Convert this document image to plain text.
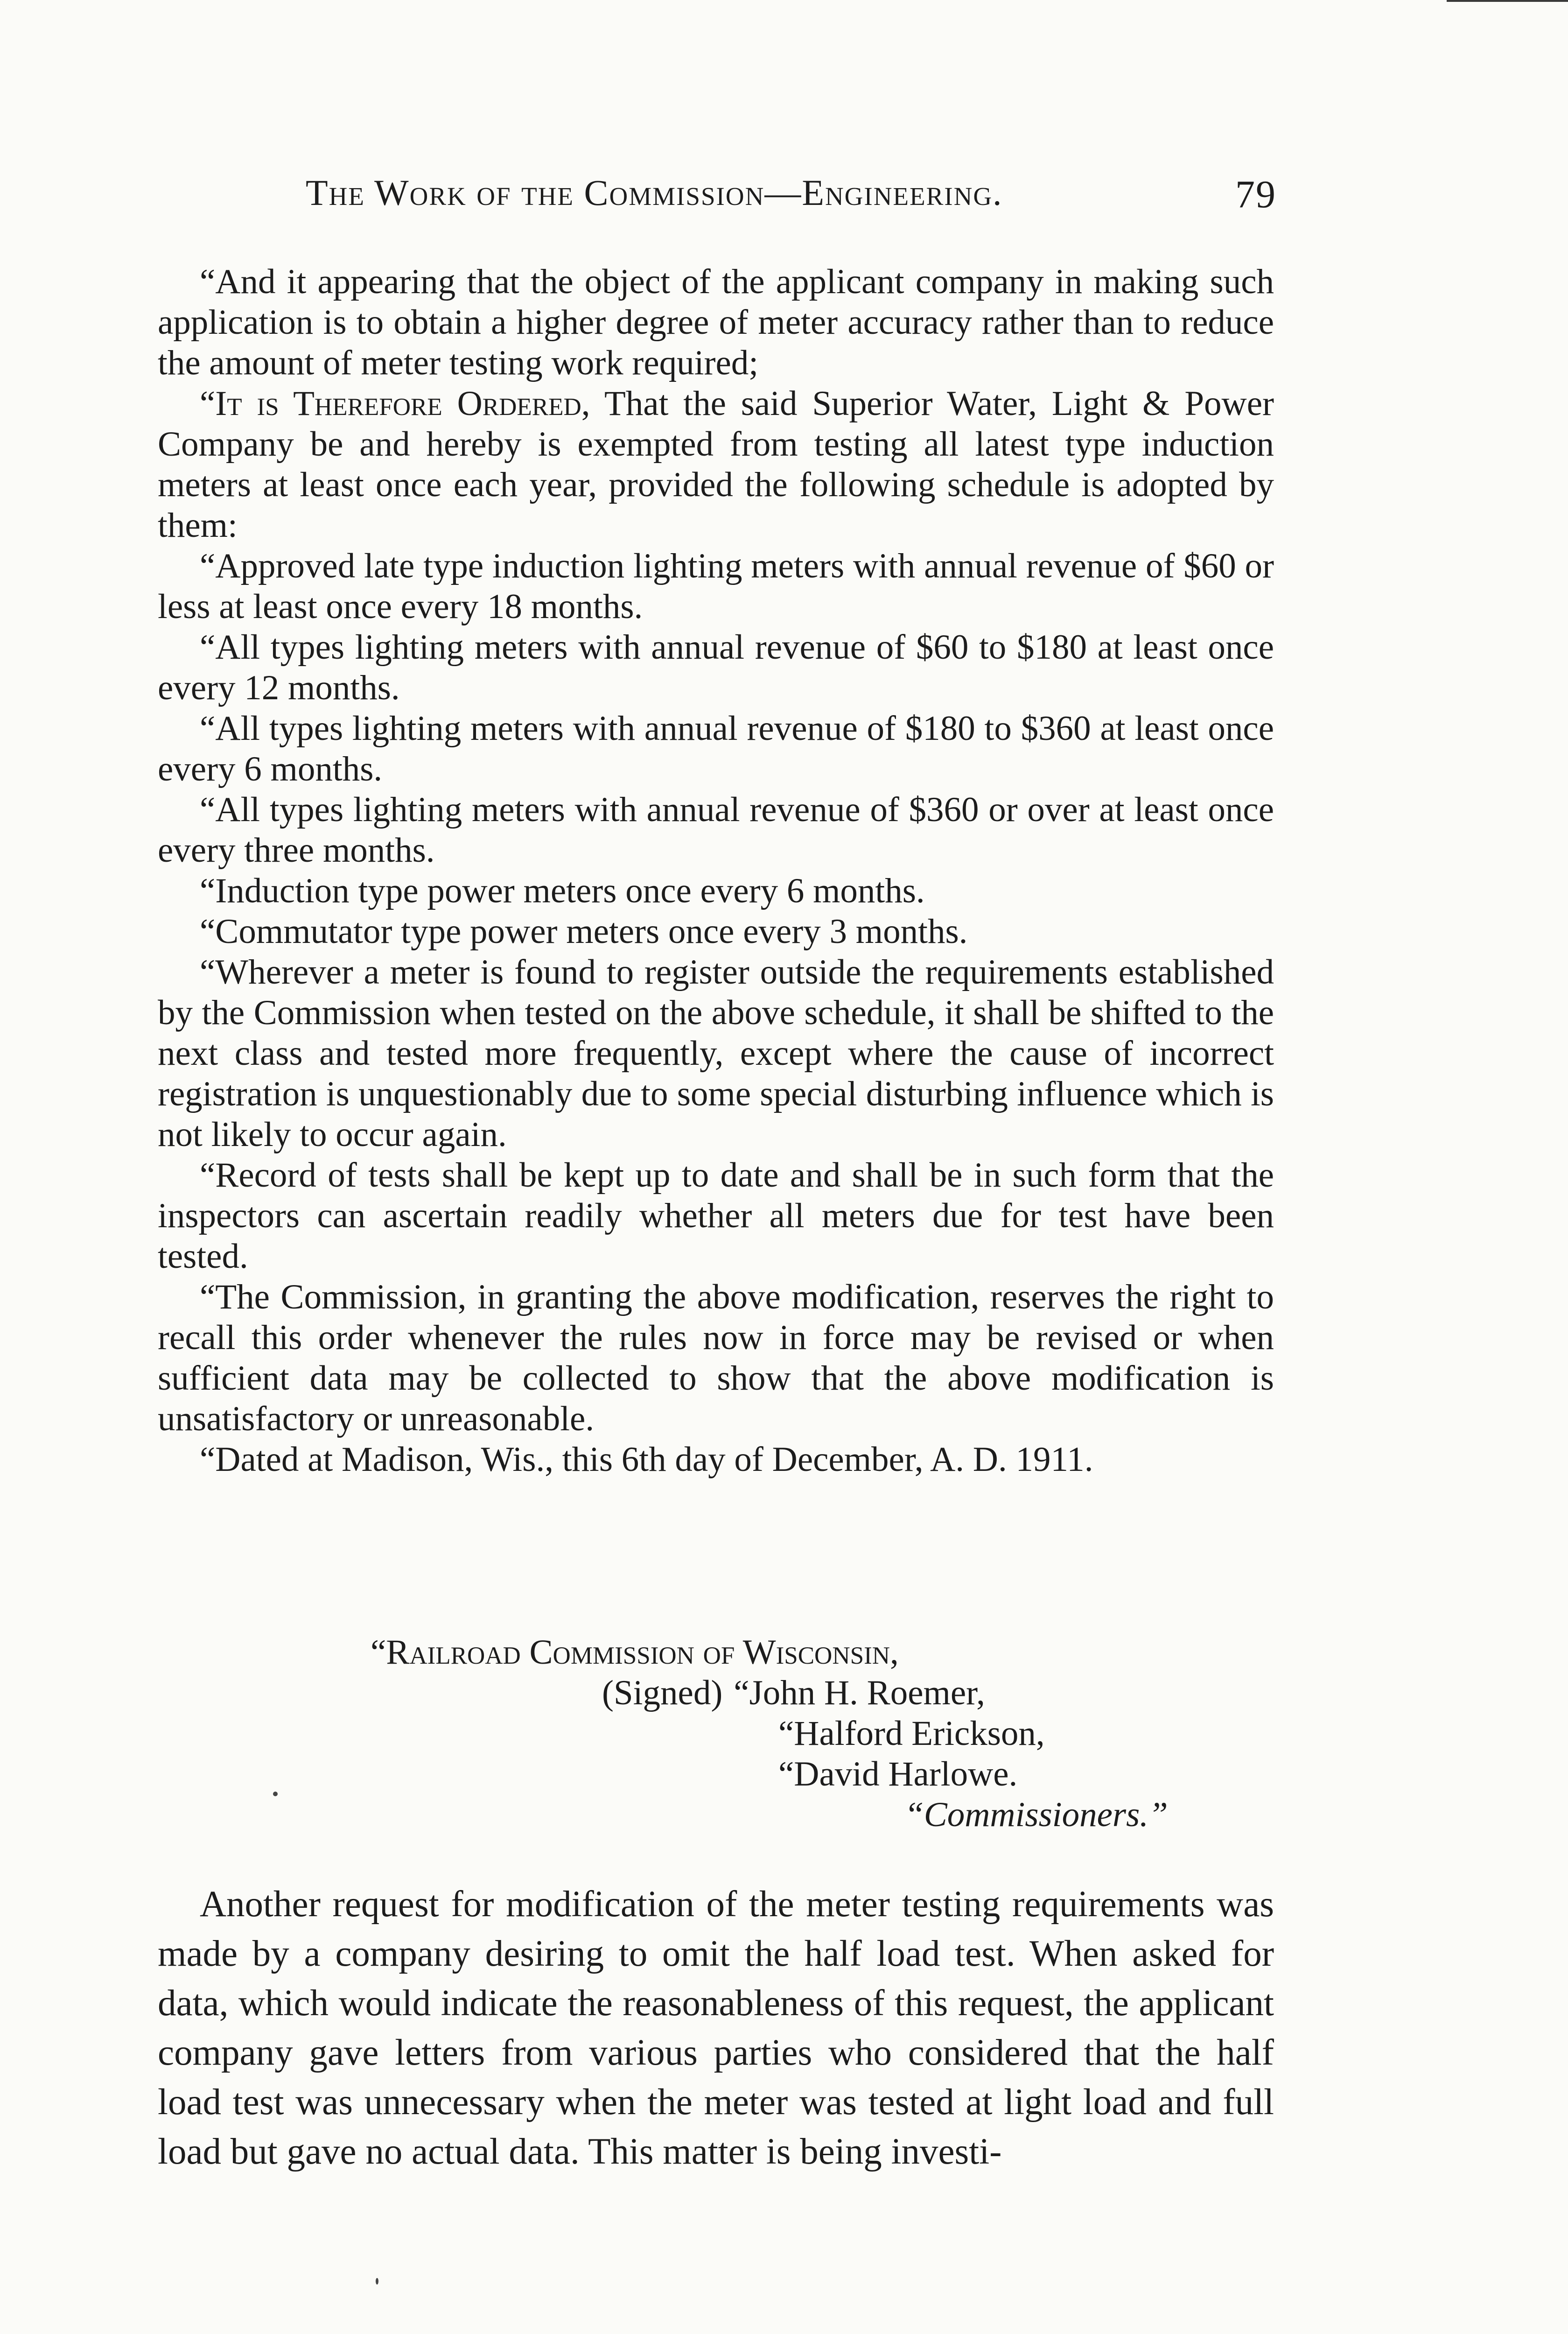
The Work of the Commission—Engineering.	79

“And it appearing that the object of the applicant company in making such application is to obtain a higher degree of meter accuracy rather than to reduce the amount of meter testing work required;

“It is Therefore Ordered, That the said Superior Water, Light & Power Company be and hereby is exempted from testing all latest type induction meters at least once each year, provided the following schedule is adopted by them:

“Approved late type induction lighting meters with annual revenue of $60 or less at least once every 18 months.

“All types lighting meters with annual revenue of $60 to $180 at least once every 12 months.

“All types lighting meters with annual revenue of $180 to $360 at least once every 6 months.

“All types lighting meters with annual revenue of $360 or over at least once every three months.

“Induction type power meters once every 6 months.

“Commutator type power meters once every 3 months.

“Wherever a meter is found to register outside the requirements established by the Commission when tested on the above schedule, it shall be shifted to the next class and tested more frequently, except where the cause of incorrect registration is unquestionably due to some special disturbing influence which is not likely to occur again.

“Record of tests shall be kept up to date and shall be in such form that the inspectors can ascertain readily whether all meters due for test have been tested.

“The Commission, in granting the above modification, reserves the right to recall this order whenever the rules now in force may be revised or when sufficient data may be collected to show that the above modification is unsatisfactory or unreasonable.

“Dated at Madison, Wis., this 6th day of December, A. D. 1911.

“Railroad Commission of Wisconsin,
(Signed) “John H. Roemer,
“Halford Erickson,
“David Harlowe.
“Commissioners.”

Another request for modification of the meter testing requirements was made by a company desiring to omit the half load test. When asked for data, which would indicate the reasonableness of this request, the applicant company gave letters from various parties who considered that the half load test was unnecessary when the meter was tested at light load and full load but gave no actual data. This matter is being investi-
